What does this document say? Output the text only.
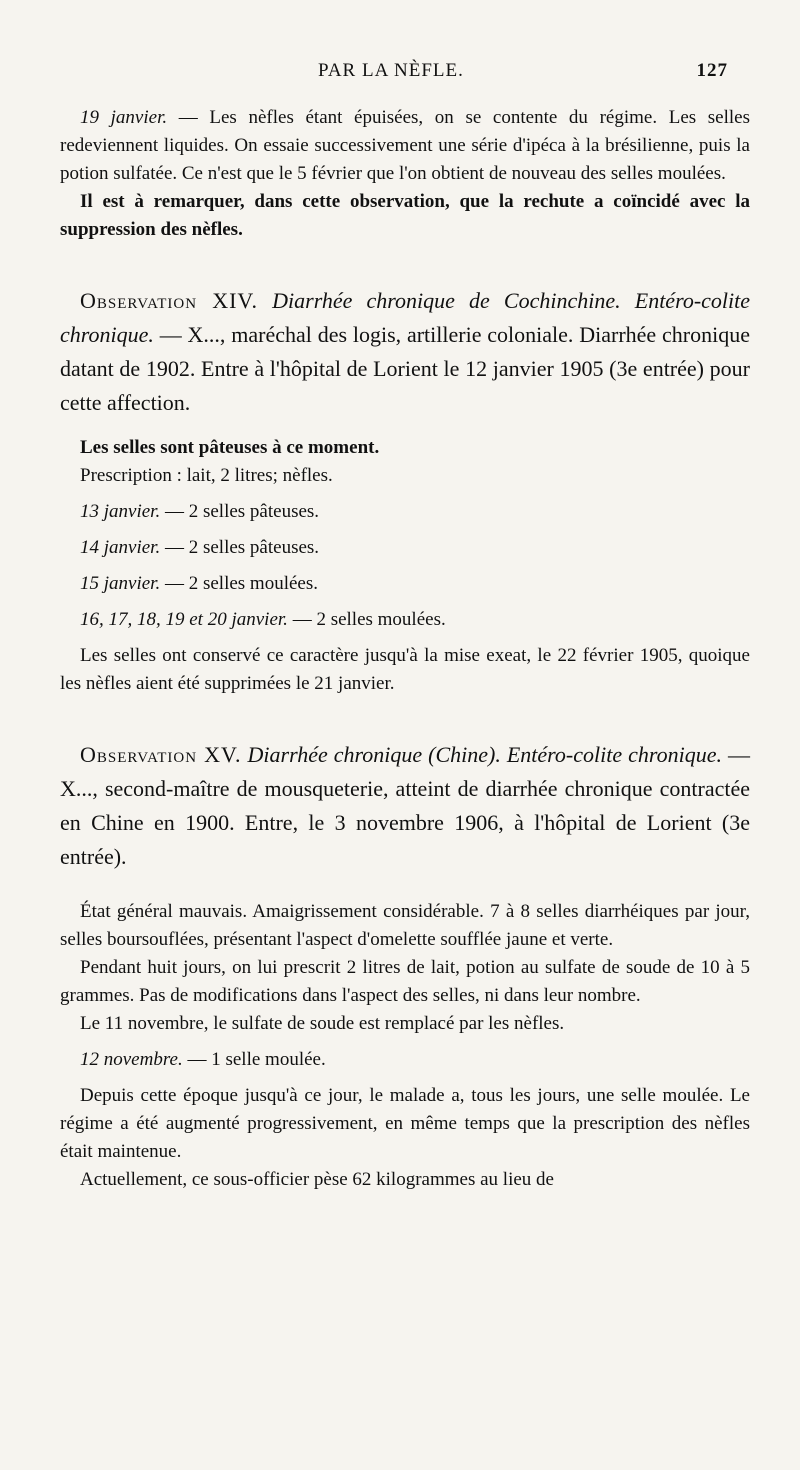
PAR LA NÈFLE.	127

19 janvier. — Les nèfles étant épuisées, on se contente du régime. Les selles redeviennent liquides. On essaie successivement une série d'ipéca à la brésilienne, puis la potion sulfatée. Ce n'est que le 5 février que l'on obtient de nouveau des selles moulées.

Il est à remarquer, dans cette observation, que la rechute a coïncidé avec la suppression des nèfles.

Observation XIV. Diarrhée chronique de Cochinchine. Entéro-colite chronique. — X..., maréchal des logis, artillerie coloniale. Diarrhée chronique datant de 1902. Entre à l'hôpital de Lorient le 12 janvier 1905 (3e entrée) pour cette affection.

Les selles sont pâteuses à ce moment.

Prescription : lait, 2 litres; nèfles.

13 janvier. — 2 selles pâteuses.

14 janvier. — 2 selles pâteuses.

15 janvier. — 2 selles moulées.

16, 17, 18, 19 et 20 janvier. — 2 selles moulées.

Les selles ont conservé ce caractère jusqu'à la mise exeat, le 22 février 1905, quoique les nèfles aient été supprimées le 21 janvier.

Observation XV. Diarrhée chronique (Chine). Entéro-colite chronique. — X..., second-maître de mousqueterie, atteint de diarrhée chronique contractée en Chine en 1900. Entre, le 3 novembre 1906, à l'hôpital de Lorient (3e entrée).

État général mauvais. Amaigrissement considérable. 7 à 8 selles diarrhéiques par jour, selles boursouflées, présentant l'aspect d'omelette soufflée jaune et verte.

Pendant huit jours, on lui prescrit 2 litres de lait, potion au sulfate de soude de 10 à 5 grammes. Pas de modifications dans l'aspect des selles, ni dans leur nombre.

Le 11 novembre, le sulfate de soude est remplacé par les nèfles.

12 novembre. — 1 selle moulée.

Depuis cette époque jusqu'à ce jour, le malade a, tous les jours, une selle moulée. Le régime a été augmenté progressivement, en même temps que la prescription des nèfles était maintenue.

Actuellement, ce sous-officier pèse 62 kilogrammes au lieu de
